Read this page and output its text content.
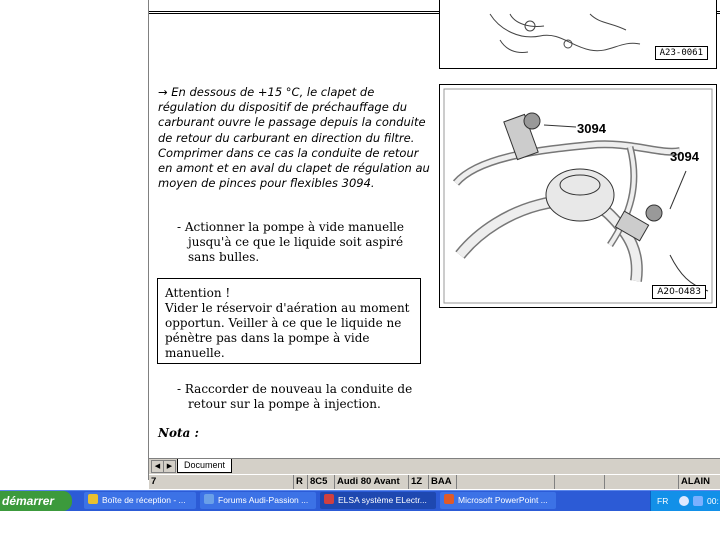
A23-0061
→ En dessous de +15 °C, le clapet de régulation du dispositif de préchauffage du carburant ouvre le passage depuis la conduite de retour du carburant en direction du filtre. Comprimer dans ce cas la conduite de retour en amont et en aval du clapet de régulation au moyen de pinces pour flexibles 3094.
3094
3094
A20-0483
- Actionner la pompe à vide manuelle jusqu'à ce que le liquide soit aspiré sans bulles.
Attention !
Vider le réservoir d'aération au moment opportun. Veiller à ce que le liquide ne pénètre pas dans la pompe à vide manuelle.
- Raccorder de nouveau la conduite de retour sur la pompe à injection.
Nota :
◀ ▶	Document
7	R 8C5	Audi 80 Avant	1Z BAA	ALAIN
démarrer	Boîte de réception - ...	Forums Audi-Passion ...	ELSA système ELectr...	Microsoft PowerPoint ...	FR	00:
